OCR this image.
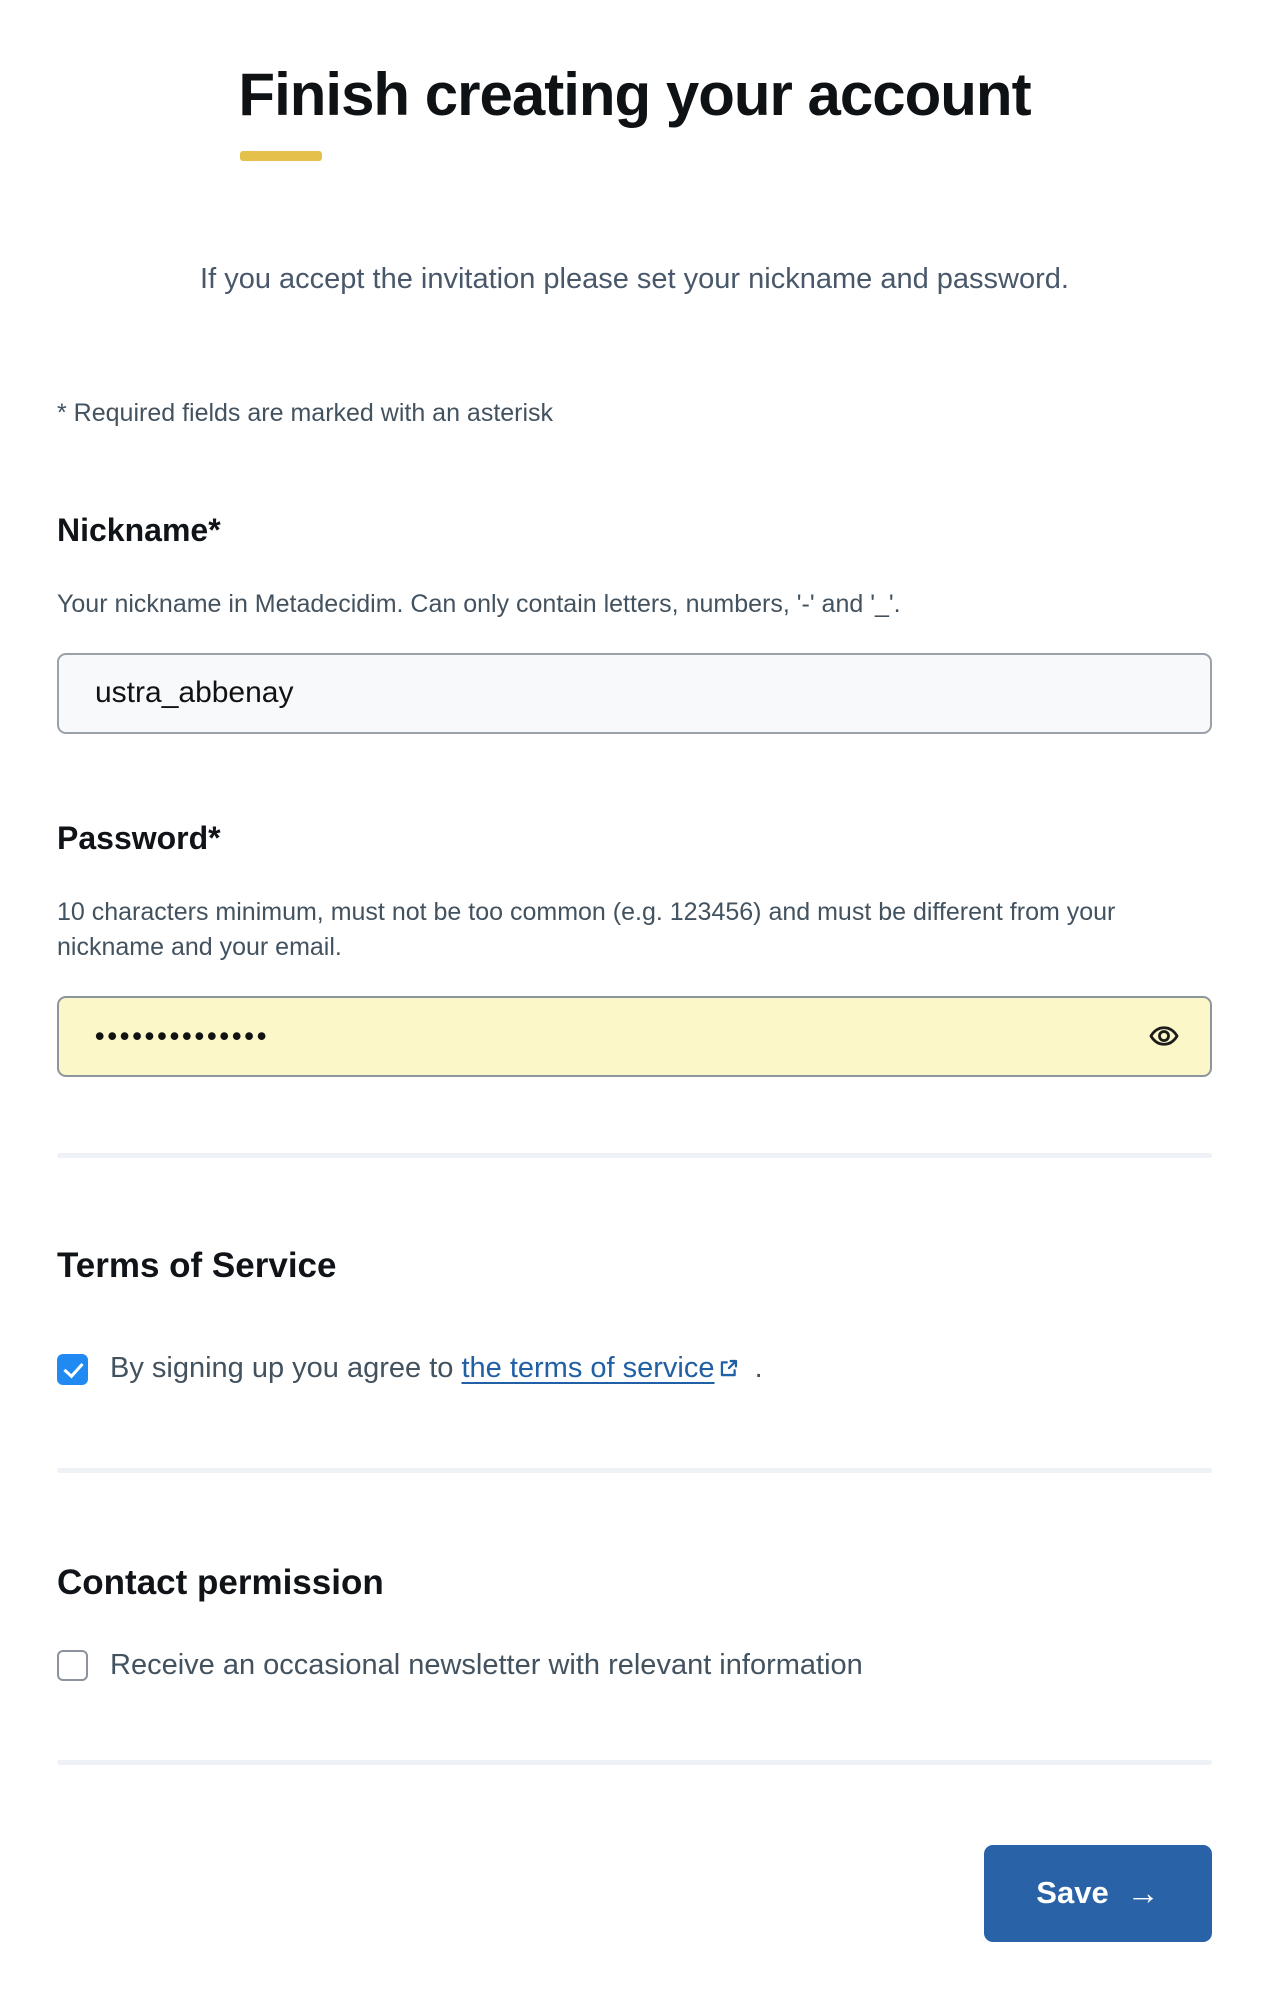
Finish creating your account

If you accept the invitation please set your nickname and password.

* Required fields are marked with an asterisk

Nickname*

Your nickname in Metadecidim. Can only contain letters, numbers, '-' and '_'.

ustra_abbenay

Password*

10 characters minimum, must not be too common (e.g. 123456) and must be different from your nickname and your email.

••••••••••••••
Terms of Service
By signing up you agree to the terms of service .
Contact permission
Receive an occasional newsletter with relevant information
Save →
